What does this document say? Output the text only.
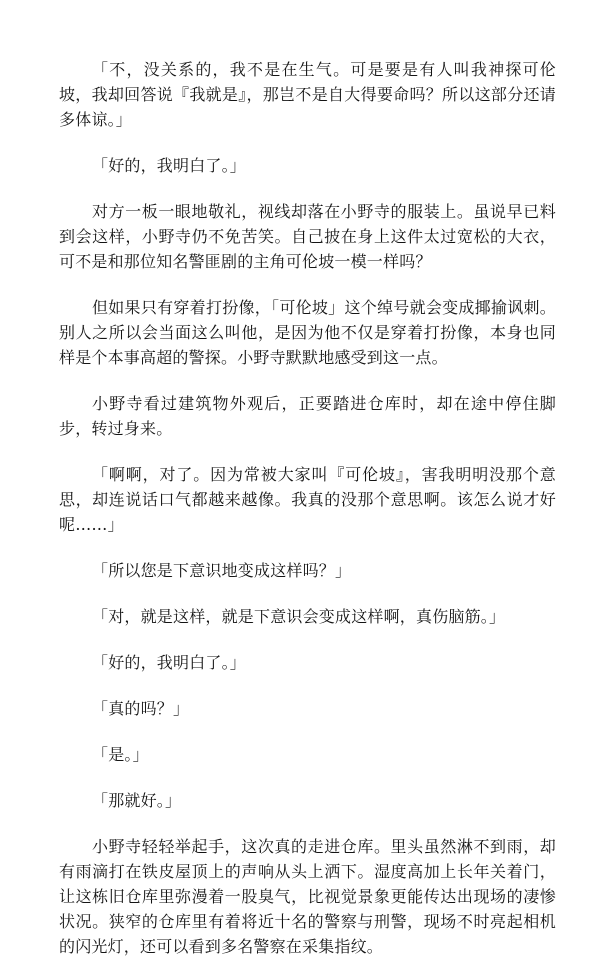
「不，没关系的，我不是在生气。可是要是有人叫我神探可伦坡，我却回答说『我就是』，那岂不是自大得要命吗？所以这部分还请多体谅。」

「好的，我明白了。」

对方一板一眼地敬礼，视线却落在小野寺的服装上。虽说早已料到会这样，小野寺仍不免苦笑。自己披在身上这件太过宽松的大衣，可不是和那位知名警匪剧的主角可伦坡一模一样吗？

但如果只有穿着打扮像，「可伦坡」这个绰号就会变成揶揄讽刺。别人之所以会当面这么叫他，是因为他不仅是穿着打扮像，本身也同样是个本事高超的警探。小野寺默默地感受到这一点。

小野寺看过建筑物外观后，正要踏进仓库时，却在途中停住脚步，转过身来。

「啊啊，对了。因为常被大家叫『可伦坡』，害我明明没那个意思，却连说话口气都越来越像。我真的没那个意思啊。该怎么说才好呢……」

「所以您是下意识地变成这样吗？」

「对，就是这样，就是下意识会变成这样啊，真伤脑筋。」

「好的，我明白了。」

「真的吗？」

「是。」

「那就好。」

小野寺轻轻举起手，这次真的走进仓库。里头虽然淋不到雨，却有雨滴打在铁皮屋顶上的声响从头上洒下。湿度高加上长年关着门，让这栋旧仓库里弥漫着一股臭气，比视觉景象更能传达出现场的凄惨状况。狭窄的仓库里有着将近十名的警察与刑警，现场不时亮起相机的闪光灯，还可以看到多名警察在采集指纹。
